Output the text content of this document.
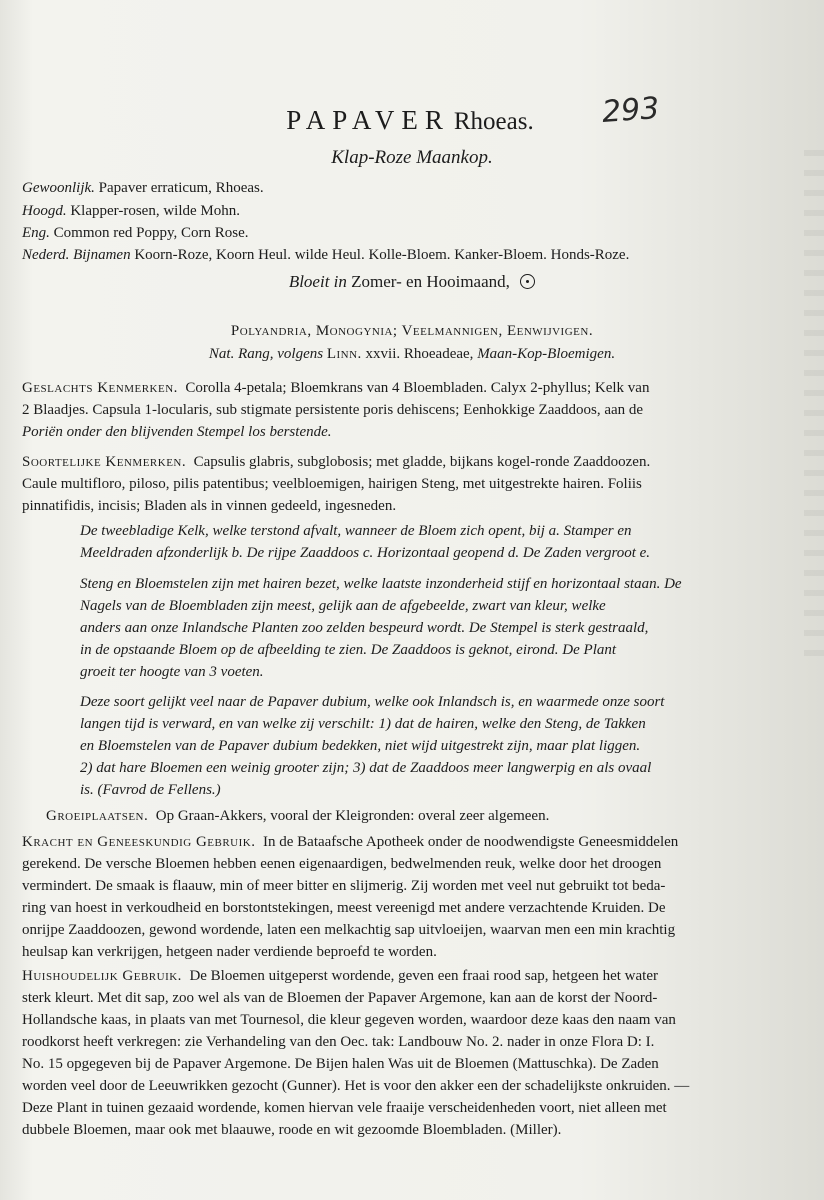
PAPAVER Rhoeas.	293
Klap-Roze Maankop.
Gewoonlijk. Papaver erraticum, Rhoeas.
Hoogd. Klapper-rosen, wilde Mohn.
Eng. Common red Poppy, Corn Rose.
Nederd. Bijnamen Koorn-Roze, Koorn Heul. wilde Heul. Kolle-Bloem. Kanker-Bloem. Honds-Roze.
Bloeit in Zomer- en Hooimaand,
Polyandria, Monogynia; Veelmannigen, Eenwijvigen.
Nat. Rang, volgens Linn. xxvii. Rhoeadeae, Maan-Kop-Bloemigen.
Geslachts Kenmerken. Corolla 4-petala; Bloemkrans van 4 Bloembladen. Calyx 2-phyllus; Kelk van
2 Blaadjes. Capsula 1-locularis, sub stigmate persistente poris dehiscens; Eenhokkige Zaaddoos, aan de
Poriën onder den blijvenden Stempel los berstende.
Soortelijke Kenmerken. Capsulis glabris, subglobosis; met gladde, bijkans kogel-ronde Zaaddoozen.
Caule multifloro, piloso, pilis patentibus; veelbloemigen, hairigen Steng, met uitgestrekte hairen. Foliis
pinnatifidis, incisis; Bladen als in vinnen gedeeld, ingesneden.
De tweebladige Kelk, welke terstond afvalt, wanneer de Bloem zich opent, bij a. Stamper en
Meeldraden afzonderlijk b. De rijpe Zaaddoos c. Horizontaal geopend d. De Zaden vergroot e.
Steng en Bloemstelen zijn met hairen bezet, welke laatste inzonderheid stijf en horizontaal staan. De
Nagels van de Bloembladen zijn meest, gelijk aan de afgebeelde, zwart van kleur, welke
anders aan onze Inlandsche Planten zoo zelden bespeurd wordt. De Stempel is sterk gestraald,
in de opstaande Bloem op de afbeelding te zien. De Zaaddoos is geknot, eirond. De Plant
groeit ter hoogte van 3 voeten.
Deze soort gelijkt veel naar de Papaver dubium, welke ook Inlandsch is, en waarmede onze soort
langen tijd is verward, en van welke zij verschilt: 1) dat de hairen, welke den Steng, de Takken
en Bloemstelen van de Papaver dubium bedekken, niet wijd uitgestrekt zijn, maar plat liggen.
2) dat hare Bloemen een weinig grooter zijn; 3) dat de Zaaddoos meer langwerpig en als ovaal
is. (Favrod de Fellens.)
Groeiplaatsen. Op Graan-Akkers, vooral der Kleigronden: overal zeer algemeen.
Kracht en Geneeskundig Gebruik. In de Bataafsche Apotheek onder de noodwendigste Geneesmiddelen
gerekend. De versche Bloemen hebben eenen eigenaardigen, bedwelmenden reuk, welke door het droogen
vermindert. De smaak is flaauw, min of meer bitter en slijmerig. Zij worden met veel nut gebruikt tot beda-
ring van hoest in verkoudheid en borstontstekingen, meest vereenigd met andere verzachtende Kruiden. De
onrijpe Zaaddoozen, gewond wordende, laten een melkachtig sap uitvloeijen, waarvan men een min krachtig
heulsap kan verkrijgen, hetgeen nader verdiende beproefd te worden.
Huishoudelijk Gebruik. De Bloemen uitgeperst wordende, geven een fraai rood sap, hetgeen het water
sterk kleurt. Met dit sap, zoo wel als van de Bloemen der Papaver Argemone, kan aan de korst der Noord-
Hollandsche kaas, in plaats van met Tournesol, die kleur gegeven worden, waardoor deze kaas den naam van
roodkorst heeft verkregen: zie Verhandeling van den Oec. tak: Landbouw No. 2. nader in onze Flora D: I.
No. 15 opgegeven bij de Papaver Argemone. De Bijen halen Was uit de Bloemen (Mattuschka). De Zaden
worden veel door de Leeuwrikken gezocht (Gunner). Het is voor den akker een der schadelijkste onkruiden. —
Deze Plant in tuinen gezaaid wordende, komen hiervan vele fraaije verscheidenheden voort, niet alleen met
dubbele Bloemen, maar ook met blaauwe, roode en wit gezoomde Bloembladen. (Miller).
